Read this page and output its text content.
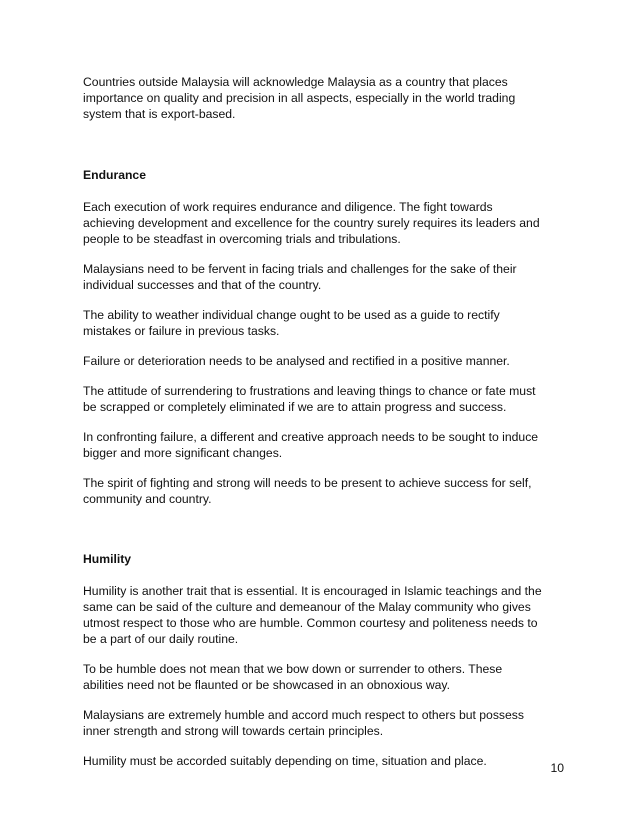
Countries outside Malaysia will acknowledge Malaysia as a country that places
importance on quality and precision in all aspects, especially in the world trading
system that is export-based.

Endurance

Each execution of work requires endurance and diligence. The fight towards
achieving development and excellence for the country surely requires its leaders and
people to be steadfast in overcoming trials and tribulations.

Malaysians need to be fervent in facing trials and challenges for the sake of their
individual successes and that of the country.

The ability to weather individual change ought to be used as a guide to rectify
mistakes or failure in previous tasks.

Failure or deterioration needs to be analysed and rectified in a positive manner.

The attitude of surrendering to frustrations and leaving things to chance or fate must
be scrapped or completely eliminated if we are to attain progress and success.

In confronting failure, a different and creative approach needs to be sought to induce
bigger and more significant changes.

The spirit of fighting and strong will needs to be present to achieve success for self,
community and country.

Humility

Humility is another trait that is essential. It is encouraged in Islamic teachings and the
same can be said of the culture and demeanour of the Malay community who gives
utmost respect to those who are humble. Common courtesy and politeness needs to
be a part of our daily routine.

To be humble does not mean that we bow down or surrender to others. These
abilities need not be flaunted or be showcased in an obnoxious way.

Malaysians are extremely humble and accord much respect to others but possess
inner strength and strong will towards certain principles.

Humility must be accorded suitably depending on time, situation and place.	10
